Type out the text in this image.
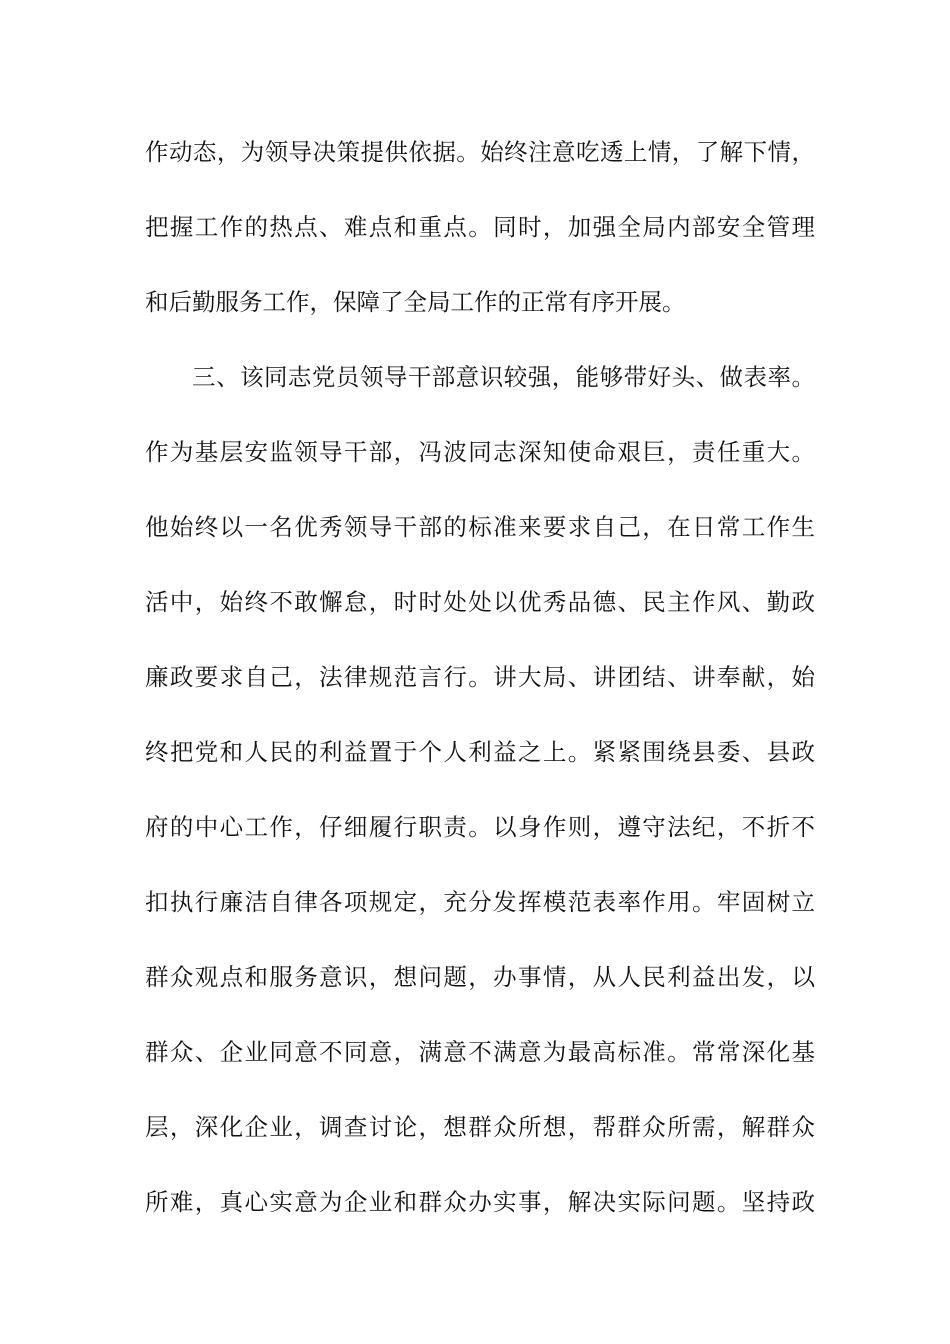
作动态，为领导决策提供依据。始终注意吃透上情，了解下情，
把握工作的热点、难点和重点。同时，加强全局内部安全管理
和后勤服务工作，保障了全局工作的正常有序开展。
三、该同志党员领导干部意识较强，能够带好头、做表率。
作为基层安监领导干部，冯波同志深知使命艰巨，责任重大。
他始终以一名优秀领导干部的标准来要求自己，在日常工作生
活中，始终不敢懈怠，时时处处以优秀品德、民主作风、勤政
廉政要求自己，法律规范言行。讲大局、讲团结、讲奉献，始
终把党和人民的利益置于个人利益之上。紧紧围绕县委、县政
府的中心工作，仔细履行职责。以身作则，遵守法纪，不折不
扣执行廉洁自律各项规定，充分发挥模范表率作用。牢固树立
群众观点和服务意识，想问题，办事情，从人民利益出发，以
群众、企业同意不同意，满意不满意为最高标准。常常深化基
层，深化企业，调查讨论，想群众所想，帮群众所需，解群众
所难，真心实意为企业和群众办实事，解决实际问题。坚持政
